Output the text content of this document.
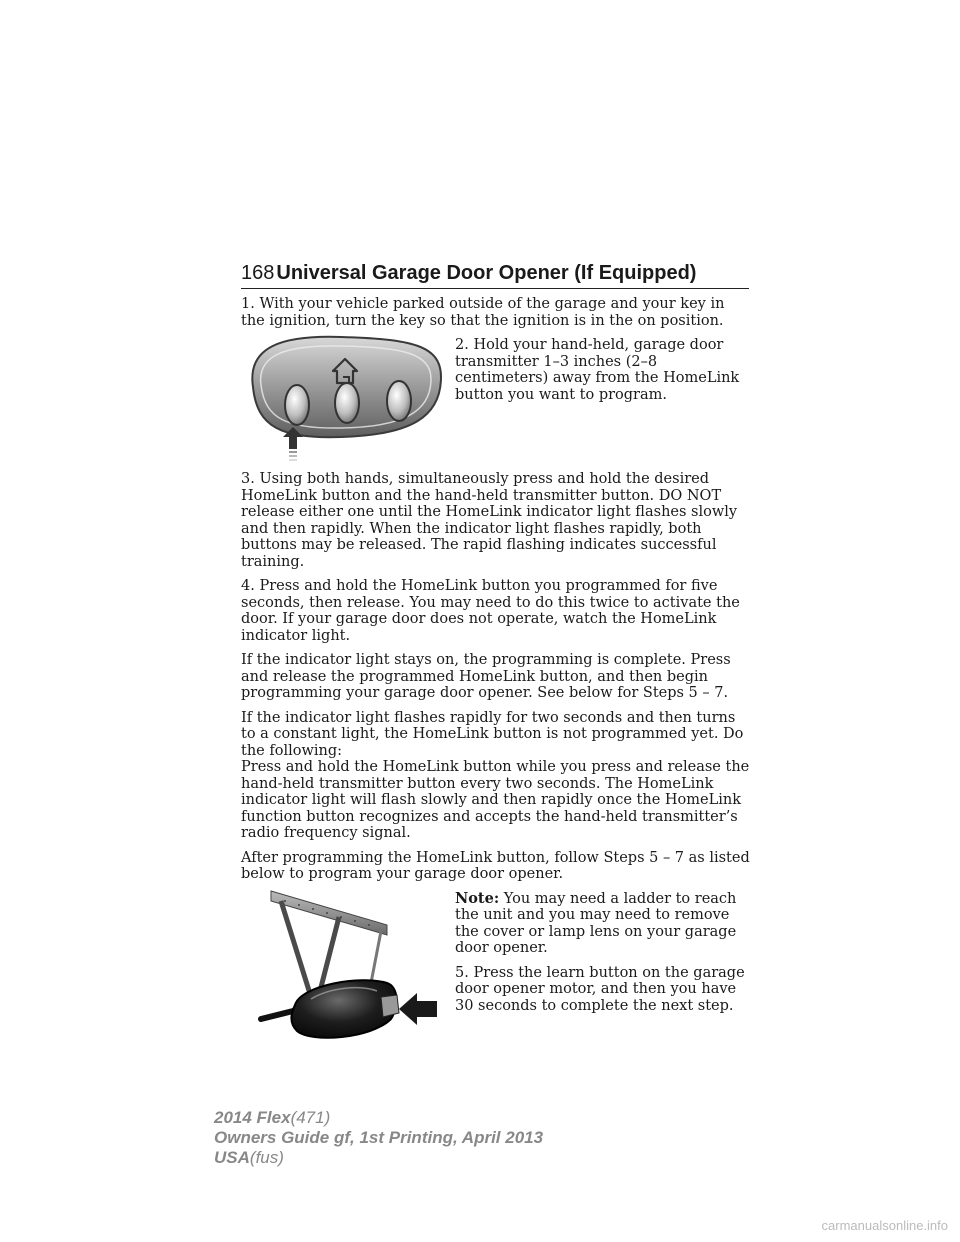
168 Universal Garage Door Opener (If Equipped)

1. With your vehicle parked outside of the garage and your key in the ignition, turn the key so that the ignition is in the on position.

2. Hold your hand-held, garage door transmitter 1–3 inches (2–8 centimeters) away from the HomeLink button you want to program.

3. Using both hands, simultaneously press and hold the desired HomeLink button and the hand-held transmitter button. DO NOT release either one until the HomeLink indicator light flashes slowly and then rapidly. When the indicator light flashes rapidly, both buttons may be released. The rapid flashing indicates successful training.

4. Press and hold the HomeLink button you programmed for five seconds, then release. You may need to do this twice to activate the door. If your garage door does not operate, watch the HomeLink indicator light.

If the indicator light stays on, the programming is complete. Press and release the programmed HomeLink button, and then begin programming your garage door opener. See below for Steps 5 – 7.

If the indicator light flashes rapidly for two seconds and then turns to a constant light, the HomeLink button is not programmed yet. Do the following:

Press and hold the HomeLink button while you press and release the hand-held transmitter button every two seconds. The HomeLink indicator light will flash slowly and then rapidly once the HomeLink function button recognizes and accepts the hand-held transmitter’s radio frequency signal.

After programming the HomeLink button, follow Steps 5 – 7 as listed below to program your garage door opener.

Note: You may need a ladder to reach the unit and you may need to remove the cover or lamp lens on your garage door opener.

5. Press the learn button on the garage door opener motor, and then you have 30 seconds to complete the next step.

2014 Flex(471)
Owners Guide gf, 1st Printing, April 2013
USA(fus)
carmanualsonline.info
